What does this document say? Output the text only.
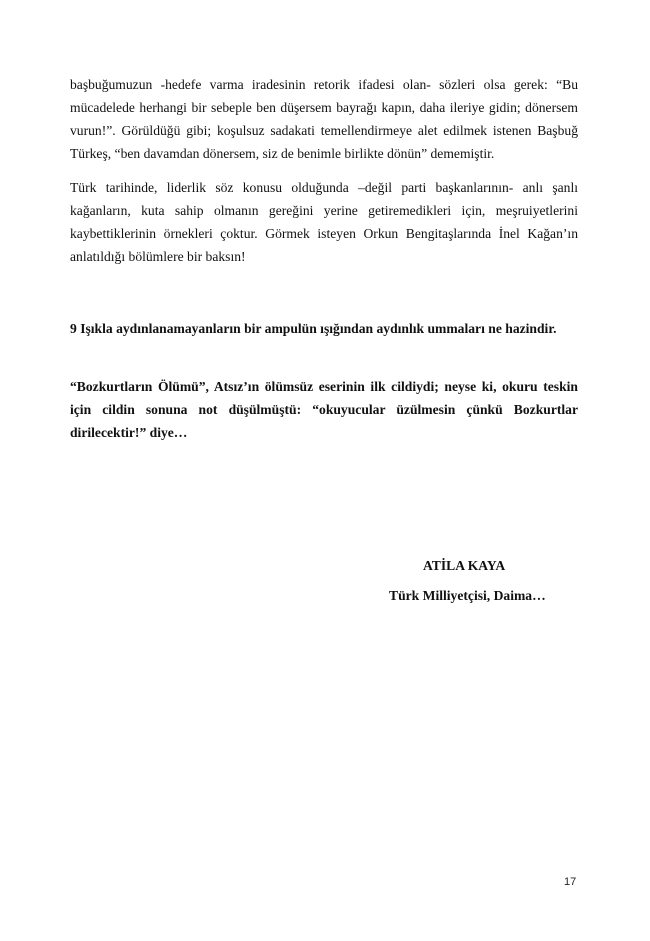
başbuğumuzun -hedefe varma iradesinin retorik ifadesi olan- sözleri olsa gerek: “Bu mücadelede herhangi bir sebeple ben düşersem bayrağı kapın, daha ileriye gidin; dönersem vurun!”. Görüldüğü gibi; koşulsuz sadakati temellendirmeye alet edilmek istenen Başbuğ Türkeş, “ben davamdan dönersem, siz de benimle birlikte dönün” dememiştir.

Türk tarihinde, liderlik söz konusu olduğunda –değil parti başkanlarının- anlı şanlı kağanların, kuta sahip olmanın gereğini yerine getiremedikleri için, meşruiyetlerini kaybettiklerinin örnekleri çoktur. Görmek isteyen Orkun Bengitaşlarında İnel Kağan’ın anlatıldığı bölümlere bir baksın!

9 Işıkla aydınlanamayanların bir ampulün ışığından aydınlık ummaları ne hazindir.

“Bozkurtların Ölümü”, Atsız’ın ölümsüz eserinin ilk cildiydi; neyse ki, okuru teskin için cildin sonuna not düşülmüştü: “okuyucular üzülmesin çünkü Bozkurtlar dirilecektir!” diye…

ATİLA KAYA

Türk Milliyetçisi, Daima…

17
